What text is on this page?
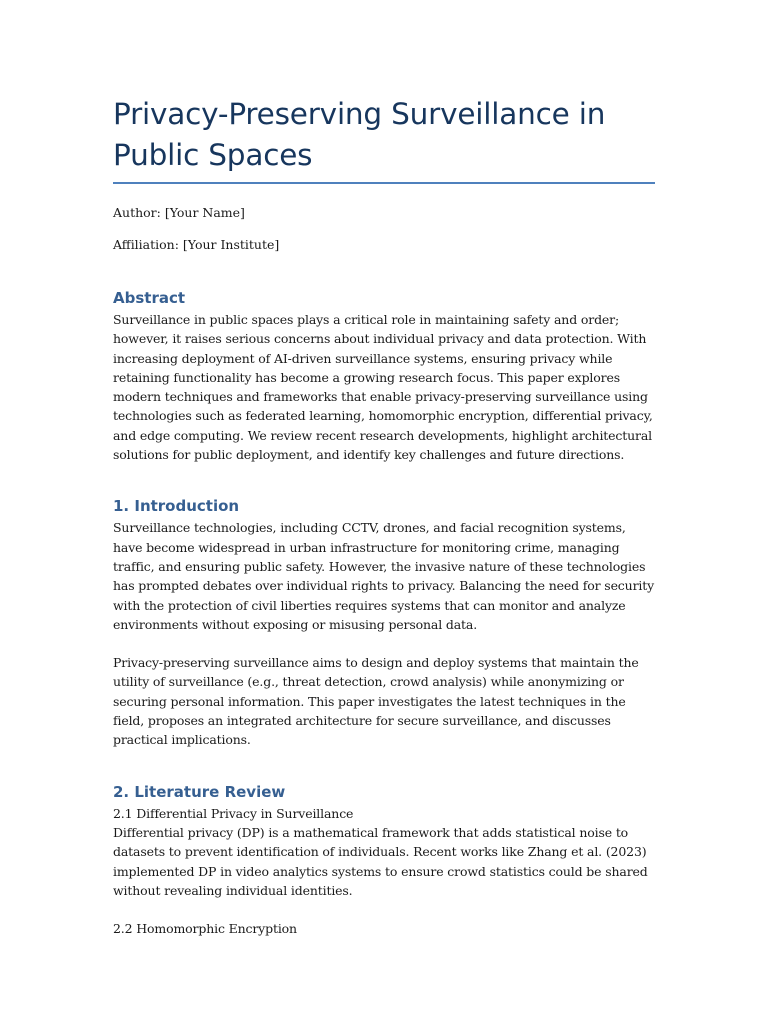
Privacy-Preserving Surveillance in Public Spaces

Author: [Your Name]

Affiliation: [Your Institute]

Abstract

Surveillance in public spaces plays a critical role in maintaining safety and order; however, it raises serious concerns about individual privacy and data protection. With increasing deployment of AI-driven surveillance systems, ensuring privacy while retaining functionality has become a growing research focus. This paper explores modern techniques and frameworks that enable privacy-preserving surveillance using technologies such as federated learning, homomorphic encryption, differential privacy, and edge computing. We review recent research developments, highlight architectural solutions for public deployment, and identify key challenges and future directions.

1. Introduction

Surveillance technologies, including CCTV, drones, and facial recognition systems, have become widespread in urban infrastructure for monitoring crime, managing traffic, and ensuring public safety. However, the invasive nature of these technologies has prompted debates over individual rights to privacy. Balancing the need for security with the protection of civil liberties requires systems that can monitor and analyze environments without exposing or misusing personal data.

Privacy-preserving surveillance aims to design and deploy systems that maintain the utility of surveillance (e.g., threat detection, crowd analysis) while anonymizing or securing personal information. This paper investigates the latest techniques in the field, proposes an integrated architecture for secure surveillance, and discusses practical implications.

2. Literature Review

2.1 Differential Privacy in Surveillance

Differential privacy (DP) is a mathematical framework that adds statistical noise to datasets to prevent identification of individuals. Recent works like Zhang et al. (2023) implemented DP in video analytics systems to ensure crowd statistics could be shared without revealing individual identities.

2.2 Homomorphic Encryption
